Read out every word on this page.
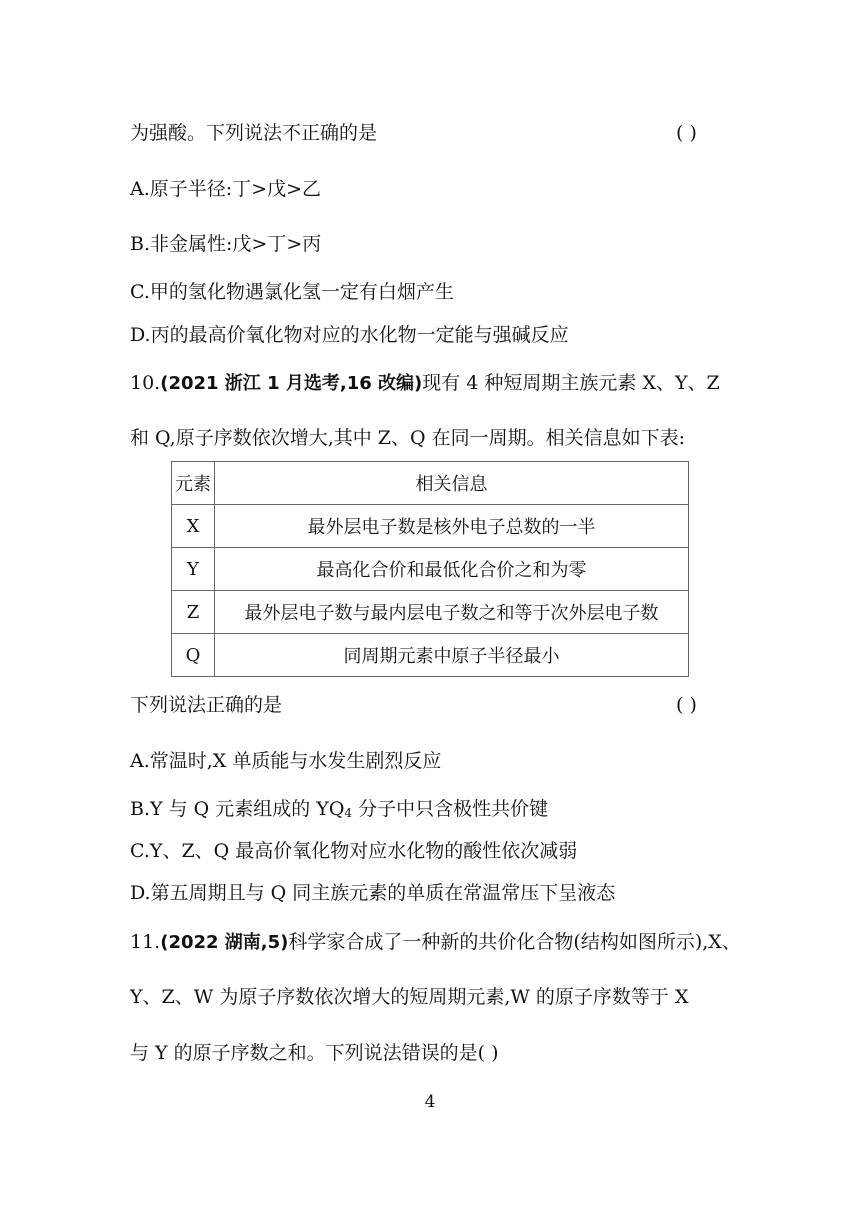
为强酸。下列说法不正确的是	( )
A.原子半径:丁>戊>乙
B.非金属性:戊>丁>丙
C.甲的氢化物遇氯化氢一定有白烟产生
D.丙的最高价氧化物对应的水化物一定能与强碱反应
10.(2021 浙江 1 月选考,16 改编)现有 4 种短周期主族元素 X、Y、Z
和 Q,原子序数依次增大,其中 Z、Q 在同一周期。相关信息如下表:
元素	相关信息
X	最外层电子数是核外电子总数的一半
Y	最高化合价和最低化合价之和为零
Z	最外层电子数与最内层电子数之和等于次外层电子数
Q	同周期元素中原子半径最小
下列说法正确的是	( )
A.常温时,X 单质能与水发生剧烈反应
B.Y 与 Q 元素组成的 $YQ_4$ 分子中只含极性共价键
C.Y、Z、Q 最高价氧化物对应水化物的酸性依次减弱
D.第五周期且与 Q 同主族元素的单质在常温常压下呈液态
11.(2022 湖南,5)科学家合成了一种新的共价化合物(结构如图所示),X、
Y、Z、W 为原子序数依次增大的短周期元素,W 的原子序数等于 X
与 Y 的原子序数之和。下列说法错误的是( )
4
